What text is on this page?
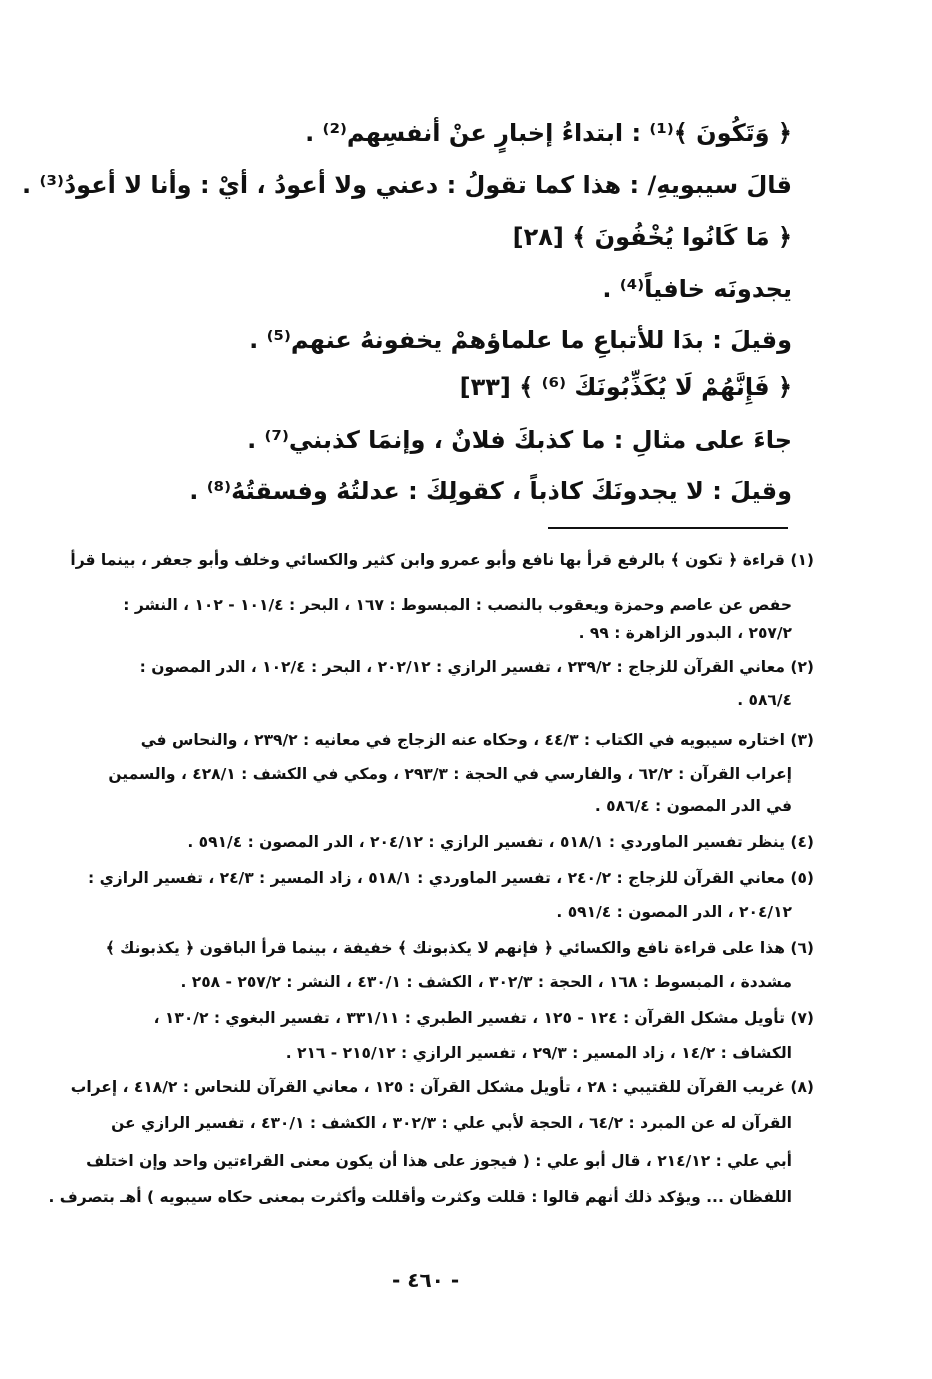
﴿ وَتَكُونَ ﴾⁽¹⁾ : ابتداءُ إخبارٍ عنْ أنفسِهم⁽²⁾ .
قالَ سيبويهِ/ : هذا كما تقولُ : دعني ولا أعودُ ، أيْ : وأنا لا أعودُ⁽³⁾ .
﴿ مَا كَانُوا يُخْفُونَ ﴾ [٢٨]
يجدونَه خافياً⁽⁴⁾ .
وقيلَ : بدَا للأتباعِ ما علماؤهمْ يخفونهُ عنهم⁽⁵⁾ .
﴿ فَإِنَّهُمْ لَا يُكَذِّبُونَكَ ⁽⁶⁾ ﴾ [٣٣]
جاءَ على مثالِ : ما كذبكَ فلانٌ ، وإنمَا كذبني⁽⁷⁾ .
وقيلَ : لا يجدونَكَ كاذباً ، كقولِكَ : عدلتُهُ وفسقتُهُ⁽⁸⁾ .
(١) قراءة ﴿ تكون ﴾ بالرفع قرأ بها نافع وأبو عمرو وابن كثير والكسائي وخلف وأبو جعفر ، بينما قرأ
حفص عن عاصم وحمزة ويعقوب بالنصب : المبسوط : ١٦٧ ، البحر : ١٠١/٤ - ١٠٢ ، النشر :
٢٥٧/٢ ، البدور الزاهرة : ٩٩ .
(٢) معاني القرآن للزجاج : ٢٣٩/٢ ، تفسير الرازي : ٢٠٢/١٢ ، البحر : ١٠٢/٤ ، الدر المصون :
٥٨٦/٤ .
(٣) اختاره سيبويه في الكتاب : ٤٤/٣ ، وحكاه عنه الزجاج في معانيه : ٢٣٩/٢ ، والنحاس في
إعراب القرآن : ٦٢/٢ ، والفارسي في الحجة : ٢٩٣/٣ ، ومكي في الكشف : ٤٢٨/١ ، والسمين
في الدر المصون : ٥٨٦/٤ .
(٤) ينظر تفسير الماوردي : ٥١٨/١ ، تفسير الرازي : ٢٠٤/١٢ ، الدر المصون : ٥٩١/٤ .
(٥) معاني القرآن للزجاج : ٢٤٠/٢ ، تفسير الماوردي : ٥١٨/١ ، زاد المسير : ٢٤/٣ ، تفسير الرازي :
٢٠٤/١٢ ، الدر المصون : ٥٩١/٤ .
(٦) هذا على قراءة نافع والكسائي ﴿ فإنهم لا يكذبونك ﴾ خفيفة ، بينما قرأ الباقون ﴿ يكذبونك ﴾
مشددة ، المبسوط : ١٦٨ ، الحجة : ٣٠٢/٣ ، الكشف : ٤٣٠/١ ، النشر : ٢٥٧/٢ - ٢٥٨ .
(٧) تأويل مشكل القرآن : ١٢٤ - ١٢٥ ، تفسير الطبري : ٣٣١/١١ ، تفسير البغوي : ١٣٠/٢ ،
الكشاف : ١٤/٢ ، زاد المسير : ٢٩/٣ ، تفسير الرازي : ٢١٥/١٢ - ٢١٦ .
(٨) غريب القرآن للقتيبي : ٢٨ ، تأويل مشكل القرآن : ١٢٥ ، معاني القرآن للنحاس : ٤١٨/٢ ، إعراب
القرآن له عن المبرد : ٦٤/٢ ، الحجة لأبي علي : ٣٠٢/٣ ، الكشف : ٤٣٠/١ ، تفسير الرازي عن
أبي علي : ٢١٤/١٢ ، قال أبو علي : ( فيجوز على هذا أن يكون معنى القراءتين واحد وإن اختلف
اللفظان ... ويؤكد ذلك أنهم قالوا : قللت وكثرت وأقللت وأكثرت بمعنى حكاه سيبويه ) أهـ بتصرف .
- ٤٦٠ -
